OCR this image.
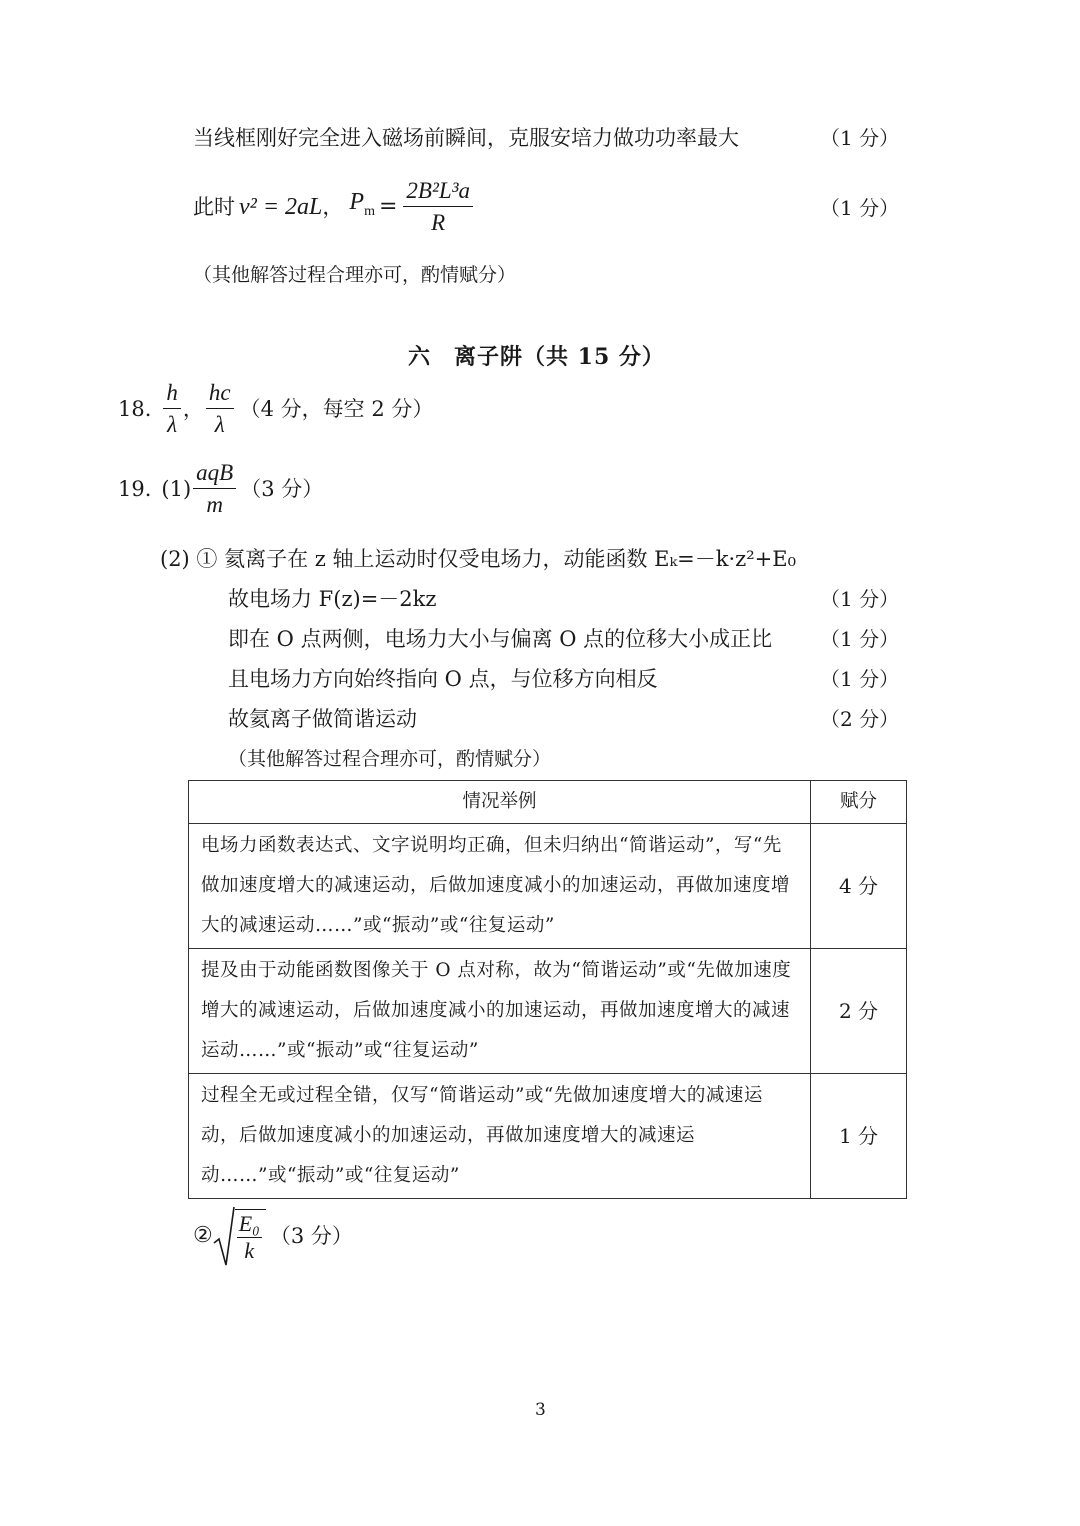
当线框刚好完全进入磁场前瞬间，克服安培力做功功率最大	（1 分）
此时 v² = 2aL ， $P_m = \frac{\text{2B²L³a}}{R}$	（1 分）
（其他解答过程合理亦可，酌情赋分）
六　离子阱（共 15 分）
18. $\frac{h}{\lambda}$ ， $\frac{hc}{\lambda} (4$ 分，每空 2 分）
19. $(1) \frac{\text{aqB}}{m} (3$ 分）
(2) ① 氦离子在 z 轴上运动时仅受电场力，动能函数 Eₖ=－k·z²+E₀
故电场力 F(z)=－2kz	（1 分）
即在 O 点两侧，电场力大小与偏离 O 点的位移大小成正比 （1 分）
且电场力方向始终指向 O 点，与位移方向相反	（1 分）
故氦离子做简谐运动	（2 分）
（其他解答过程合理亦可，酌情赋分）
情况举例	赋分
电场力函数表达式、文字说明均正确，但未归纳出“简谐运动”，写“先做加速度增大的减速运动，后做加速度减小的加速运动，再做加速度增大的减速运动……”或“振动”或“往复运动”	4 分
提及由于动能函数图像关于 O 点对称，故为“简谐运动”或“先做加速度增大的减速运动，后做加速度减小的加速运动，再做加速度增大的减速运动……”或“振动”或“往复运动”	2 分
过程全无或过程全错，仅写“简谐运动”或“先做加速度增大的减速运动，后做加速度减小的加速运动，再做加速度增大的减速运动……”或“振动”或“往复运动”	1 分
② $\frac{\text{E₀}}{k} (3$ 分）
3
